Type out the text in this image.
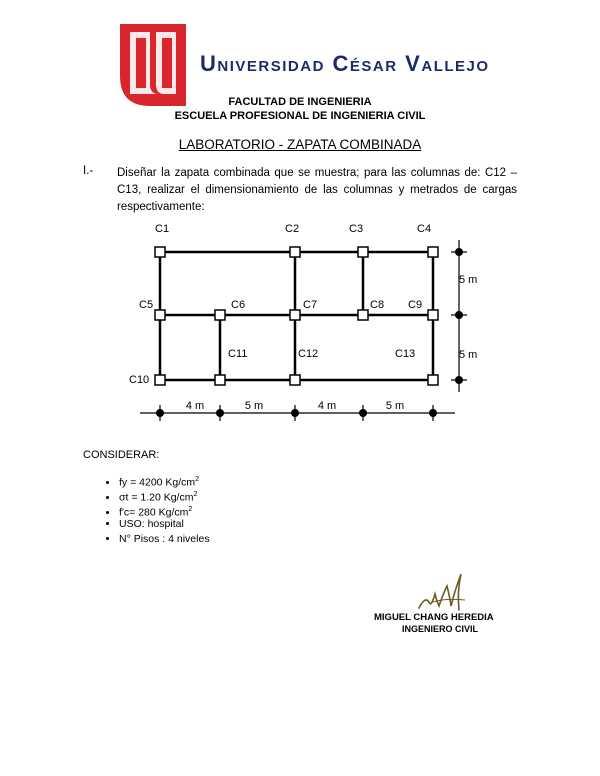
Universidad César Vallejo
FACULTAD DE INGENIERIA
ESCUELA PROFESIONAL DE INGENIERIA CIVIL
LABORATORIO - ZAPATA COMBINADA
I.- Diseñar la zapata combinada que se muestra; para las columnas de: C12 – C13, realizar el dimensionamiento de las columnas y metrados de cargas respectivamente:
C1	C2	C3	C4
C5	C6	C7	C8 C9
C10
C11	C12	C13
4 m	5 m	4 m	5 m
5 m
5 m
CONSIDERAR:
• fy = 4200 $Kg/cm^2$
• σt = 1.20 $Kg/cm^2$
• f'c= 280 $Kg/cm^2$
• USO: hospital
• N° Pisos : 4 niveles
MIGUEL CHANG HEREDIA
INGENIERO CIVIL
